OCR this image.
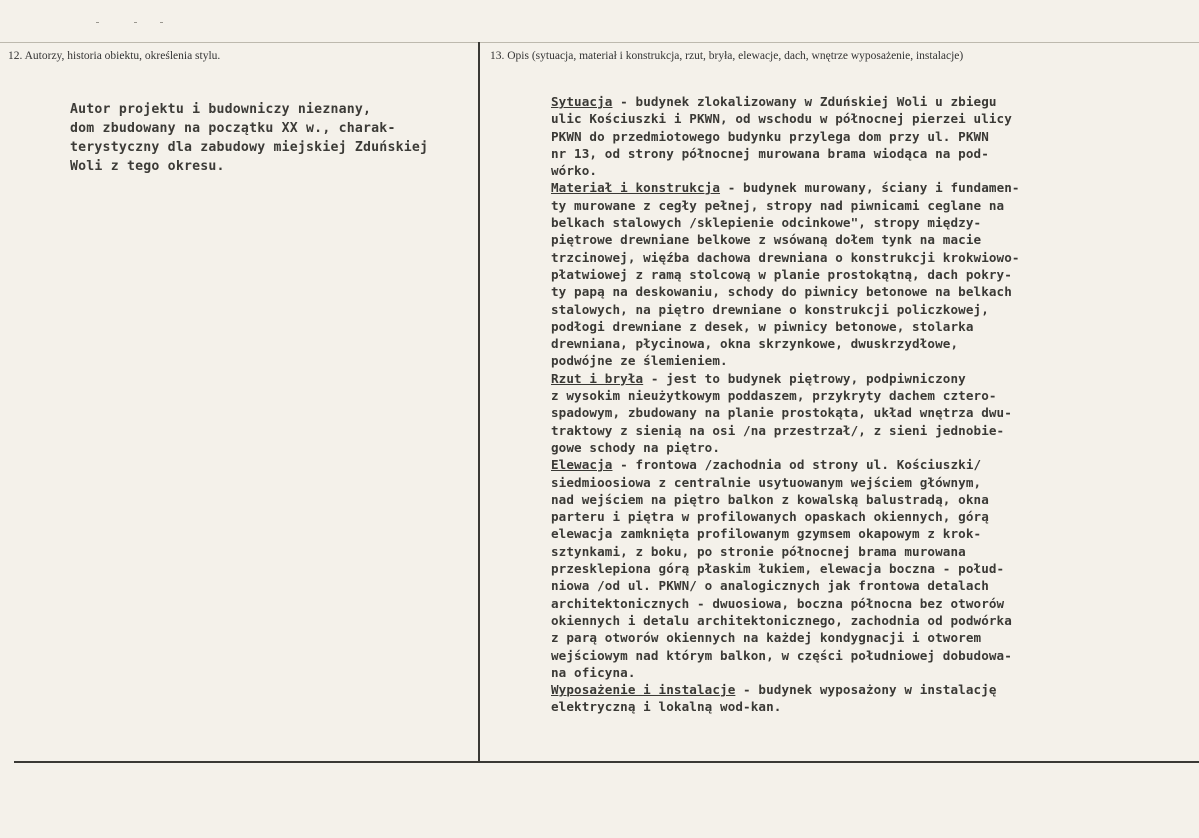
12. Autorzy, historia obiektu, określenia stylu.	13. Opis (sytuacja, materiał i konstrukcja, rzut, bryła, elewacje, dach, wnętrze wyposażenie, instalacje)
Autor projektu i budowniczy nieznany,
dom zbudowany na początku XX w., charak-
terystyczny dla zabudowy miejskiej Zduńskiej
Woli z tego okresu.
Sytuacja - budynek zlokalizowany w Zduńskiej Woli u zbiegu
ulic Kościuszki i PKWN, od wschodu w północnej pierzei ulicy
PKWN do przedmiotowego budynku przylega dom przy ul. PKWN
nr 13, od strony północnej murowana brama wiodąca na pod-
wórko.
Materiał i konstrukcja - budynek murowany, ściany i fundamen-
ty murowane z cegły pełnej, stropy nad piwnicami ceglane na
belkach stalowych /sklepienie odcinkowe", stropy między-
piętrowe drewniane belkowe z wsówaną dołem tynk na macie
trzcinowej, więźba dachowa drewniana o konstrukcji krokwiowo-
płatwiowej z ramą stolcową w planie prostokątną, dach pokry-
ty papą na deskowaniu, schody do piwnicy betonowe na belkach
stalowych, na piętro drewniane o konstrukcji policzkowej,
podłogi drewniane z desek, w piwnicy betonowe, stolarka
drewniana, płycinowa, okna skrzynkowe, dwuskrzydłowe,
podwójne ze ślemieniem.
Rzut i bryła - jest to budynek piętrowy, podpiwniczony
z wysokim nieużytkowym poddaszem, przykryty dachem cztero-
spadowym, zbudowany na planie prostokąta, układ wnętrza dwu-
traktowy z sienią na osi /na przestrzał/, z sieni jednobie-
gowe schody na piętro.
Elewacja - frontowa /zachodnia od strony ul. Kościuszki/
siedmioosiowa z centralnie usytuowanym wejściem głównym,
nad wejściem na piętro balkon z kowalską balustradą, okna
parteru i piętra w profilowanych opaskach okiennych, górą
elewacja zamknięta profilowanym gzymsem okapowym z krok-
sztynkami, z boku, po stronie północnej brama murowana
przesklepiona górą płaskim łukiem, elewacja boczna - połud-
niowa /od ul. PKWN/ o analogicznych jak frontowa detalach
architektonicznych - dwuosiowa, boczna północna bez otworów
okiennych i detalu architektonicznego, zachodnia od podwórka
z parą otworów okiennych na każdej kondygnacji i otworem
wejściowym nad którym balkon, w części południowej dobudowa-
na oficyna.
Wyposażenie i instalacje - budynek wyposażony w instalację
elektryczną i lokalną wod-kan.
